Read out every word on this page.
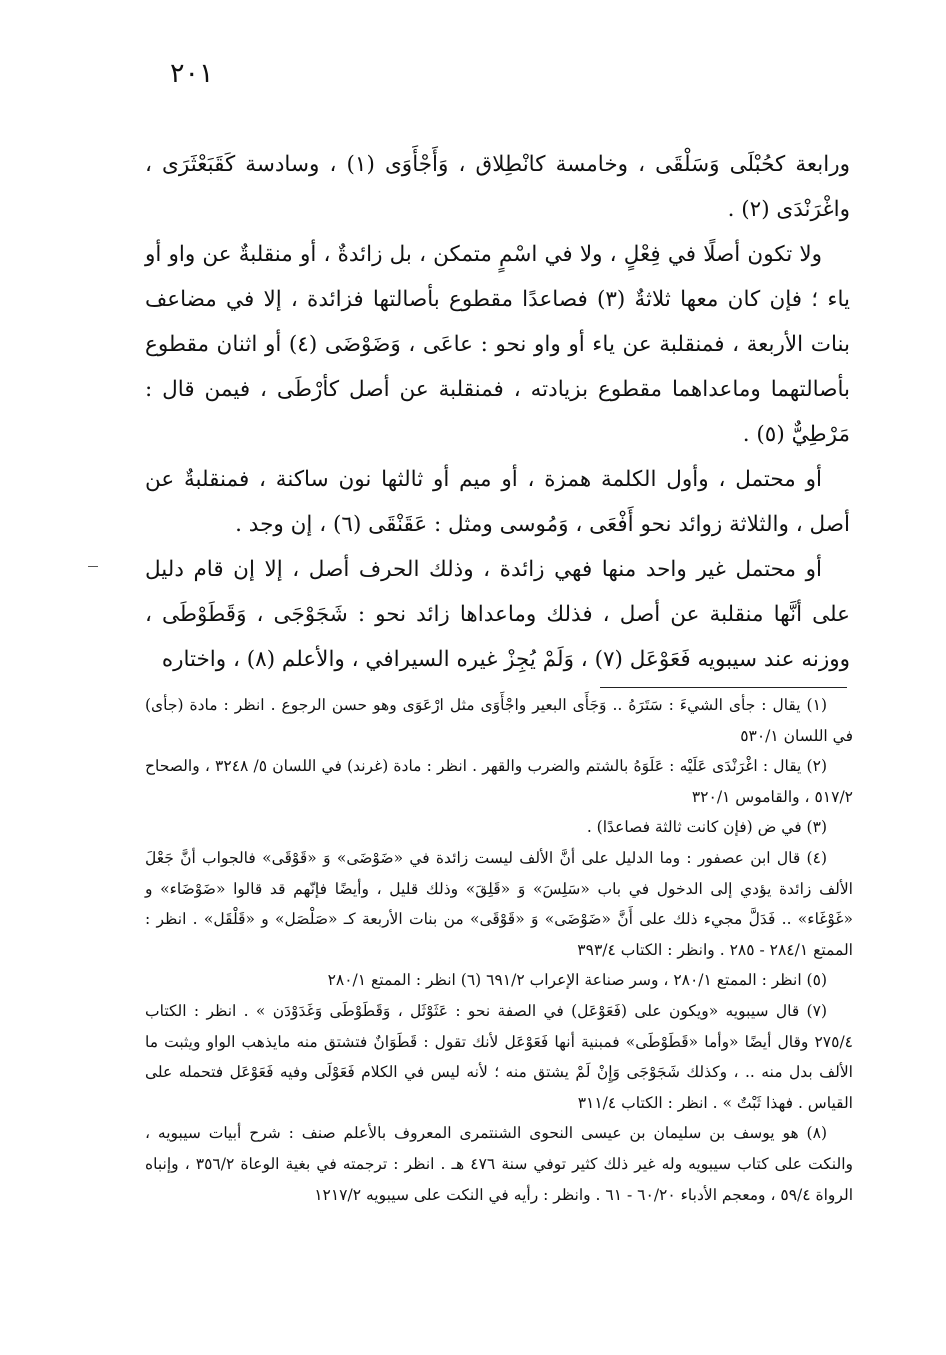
٢٠١

ورابعة كحُبْلَى وَسَلْقَى ، وخامسة كانْطِلاق ، وَأَجْأَوَى (١) ، وسادسة كَقَبَعْثَرَى ، واغْرَنْدَى (٢) .

ولا تكون أصلًا في فِعْلٍ ، ولا في اسْمٍ متمكن ، بل زائدةٌ ، أو منقلبةٌ عن واو أو ياء ؛ فإن كان معها ثلاثةٌ (٣) فصاعدًا مقطوع بأصالتها فزائدة ، إلا في مضاعف بنات الأربعة ، فمنقلبة عن ياء أو واو نحو : عاعَى ، وَضَوْضَى (٤) أو اثنان مقطوع بأصالتهما وماعداهما مقطوع بزيادته ، فمنقلبة عن أصل كأرْطَى ، فيمن قال : مَرْطِيٌّ (٥) .

أو محتمل ، وأول الكلمة همزة ، أو ميم أو ثالثها نون ساكنة ، فمنقلبةٌ عن أصل ، والثلاثة زوائد نحو أَفْعَى ، وَمُوسى ومثل : عَقَنْقَى (٦) ، إن وجد .

أو محتمل غير واحد منها فهي زائدة ، وذلك الحرف أصل ، إلا إن قام دليل على أنَّها منقلبة عن أصل ، فذلك وماعداها زائد نحو : شَجَوْجَى ، وَقَطَوْطَى ، ووزنه عند سيبويه فَعَوْعَل (٧) ، وَلَمْ يُجِزْ غيره السيرافي ، والأعلم (٨) ، واختاره

(١) يقال : جأى الشيءَ : سَتَرَهُ .. وَجَأَى البعير واجْأَوَى مثل ارْعَوَى وهو حسن الرجوع . انظر : مادة (جأى) في اللسان ٥٣٠/١

(٢) يقال : اغْرَنْدَى عَلَيْه : عَلَوَهُ بالشتم والضرب والقهر . انظر : مادة (غرند) في اللسان ٥/ ٣٢٤٨ ، والصحاح ٥١٧/٢ ، والقاموس ٣٢٠/١

(٣) في ض (فإن كانت ثالثة فصاعدًا) .

(٤) قال ابن عصفور : وما الدليل على أنَّ الألف ليست زائدة في «ضَوْضَى» وَ «قَوْقَى» فالجواب أنَّ جَعْلَ الألف زائدة يؤدي إلى الدخول في باب «سَلِسَ» وَ «قَلِقَ» وذلك قليل ، وأيضًا فإنّهم قد قالوا «ضَوْضَاء» و «غَوْغَاء» .. فَدَلَّ مجيء ذلك على أَنَّ «ضَوْضَى» وَ «قَوْقَى» من بنات الأربعة كـ «صَلْصَل» و «قَلْقَل» . انظر : الممتع ٢٨٤/١ - ٢٨٥ . وانظر : الكتاب ٣٩٣/٤

(٥) انظر : الممتع ٢٨٠/١ ، وسر صناعة الإعراب ٦٩١/٢ (٦) انظر : الممتع ٢٨٠/١

(٧) قال سيبويه «ويكون على (فَعَوْعَل) في الصفة نحو : عَثَوْثَل ، وَقَطَوْطَى وَغَدَوْدَن » . انظر : الكتاب ٢٧٥/٤ وقال أيضًا «وأما «قَطَوْطَى» فمبنية أنها فَعَوْعَل لأنك تقول : قَطَوَانٌ فتشتق منه مايذهب الواو ويثبت ما الألف بدل منه .. ، وكذلك شَجَوْجَى وَإِنْ لَمْ يشتق منه ؛ لأنه ليس في الكلام فَعَوْلَى وفيه فَعَوْعَل فتحمله على القياس . فهذا ثَبْتٌ » . انظر : الكتاب ٣١١/٤

(٨) هو يوسف بن سليمان بن عيسى النحوى الشنتمرى المعروف بالأعلم صنف : شرح أبيات سيبويه ، والنكت على كتاب سيبويه وله غير ذلك كثير توفي سنة ٤٧٦ هـ . انظر : ترجمته في بغية الوعاة ٣٥٦/٢ ، وإنباه الرواة ٥٩/٤ ، ومعجم الأدباء ٦٠/٢٠ - ٦١ . وانظر : رأيه في النكت على سيبويه ١٢١٧/٢
